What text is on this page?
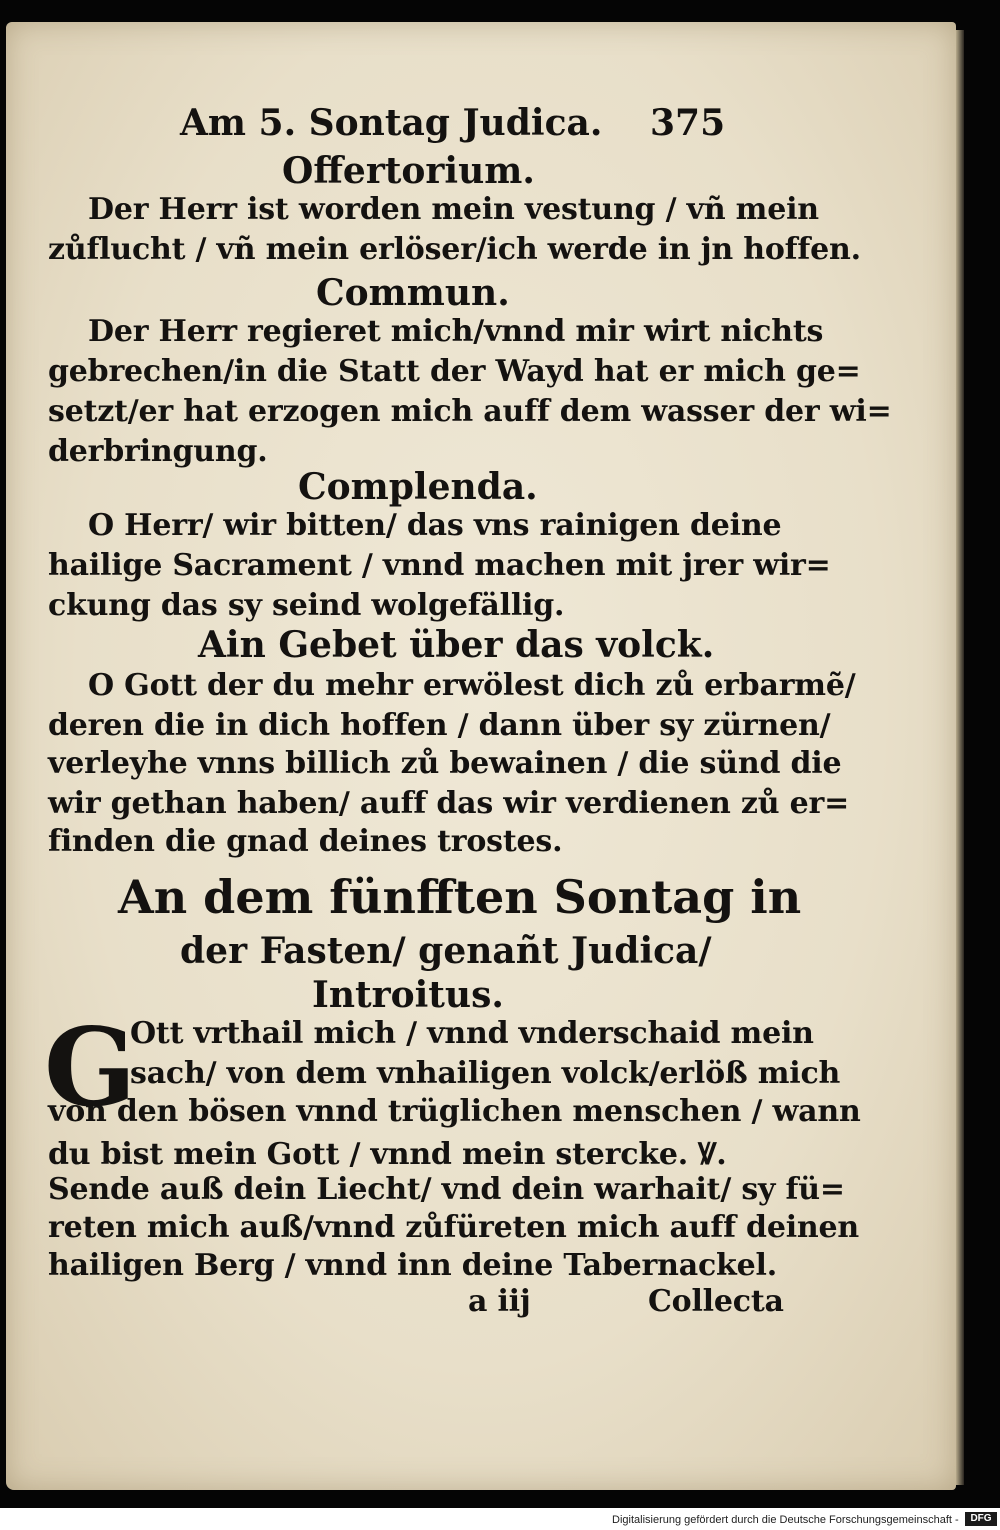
Am 5. Sontag Judica. 375
Offertorium.
Der Herr ist worden mein vestung / vñ mein
zůflucht / vñ mein erlöser/ich werde in jn hoffen.
Commun.
Der Herr regieret mich/vnnd mir wirt nichts
gebrechen/in die Statt der Wayd hat er mich ge=
setzt/er hat erzogen mich auff dem wasser der wi=
derbringung.
Complenda.
O Herr/ wir bitten/ das vns rainigen deine
hailige Sacrament / vnnd machen mit jrer wir=
ckung das sy seind wolgefällig.
Ain Gebet über das volck.
O Gott der du mehr erwölest dich zů erbarmẽ/
deren die in dich hoffen / dann über sy zürnen/
verleyhe vnns billich zů bewainen / die sünd die
wir gethan haben/ auff das wir verdienen zů er=
finden die gnad deines trostes.
An dem fünfften Sontag in
der Fasten/ genañt Judica/
Introitus.
G
Ott vrthail mich / vnnd vnderschaid mein
sach/ von dem vnhailigen volck/erlöß mich
von den bösen vnnd trüglichen menschen / wann
du bist mein Gott / vnnd mein stercke. Ꝟ.
Sende auß dein Liecht/ vnd dein warhait/ sy fü=
reten mich auß/vnnd zůfüreten mich auff deinen
hailigen Berg / vnnd inn deine Tabernackel.
a iij	Collecta
Digitalisierung gefördert durch die Deutsche Forschungsgemeinschaft -	DFG
